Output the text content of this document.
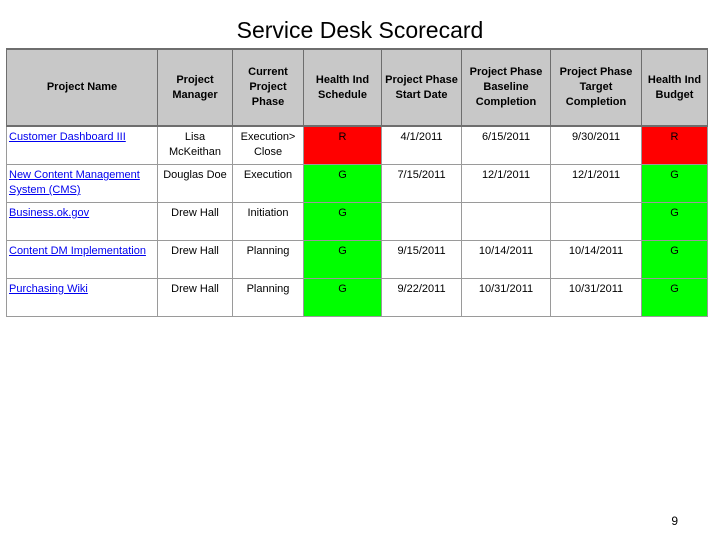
Service Desk Scorecard
Project Name	Project Manager	Current Project Phase	Health Ind Schedule	Project Phase Start Date	Project Phase Baseline Completion	Project Phase Target Completion	Health Ind Budget
Customer Dashboard III	Lisa McKeithan	Execution> Close	R	4/1/2011	6/15/2011	9/30/2011	R
New Content Management System (CMS)	Douglas Doe	Execution	G	7/15/2011	12/1/2011	12/1/2011	G
Business.ok.gov	Drew Hall	Initiation	G				G
Content DM Implementation	Drew Hall	Planning	G	9/15/2011	10/14/2011	10/14/2011	G
Purchasing Wiki	Drew Hall	Planning	G	9/22/2011	10/31/2011	10/31/2011	G
9
